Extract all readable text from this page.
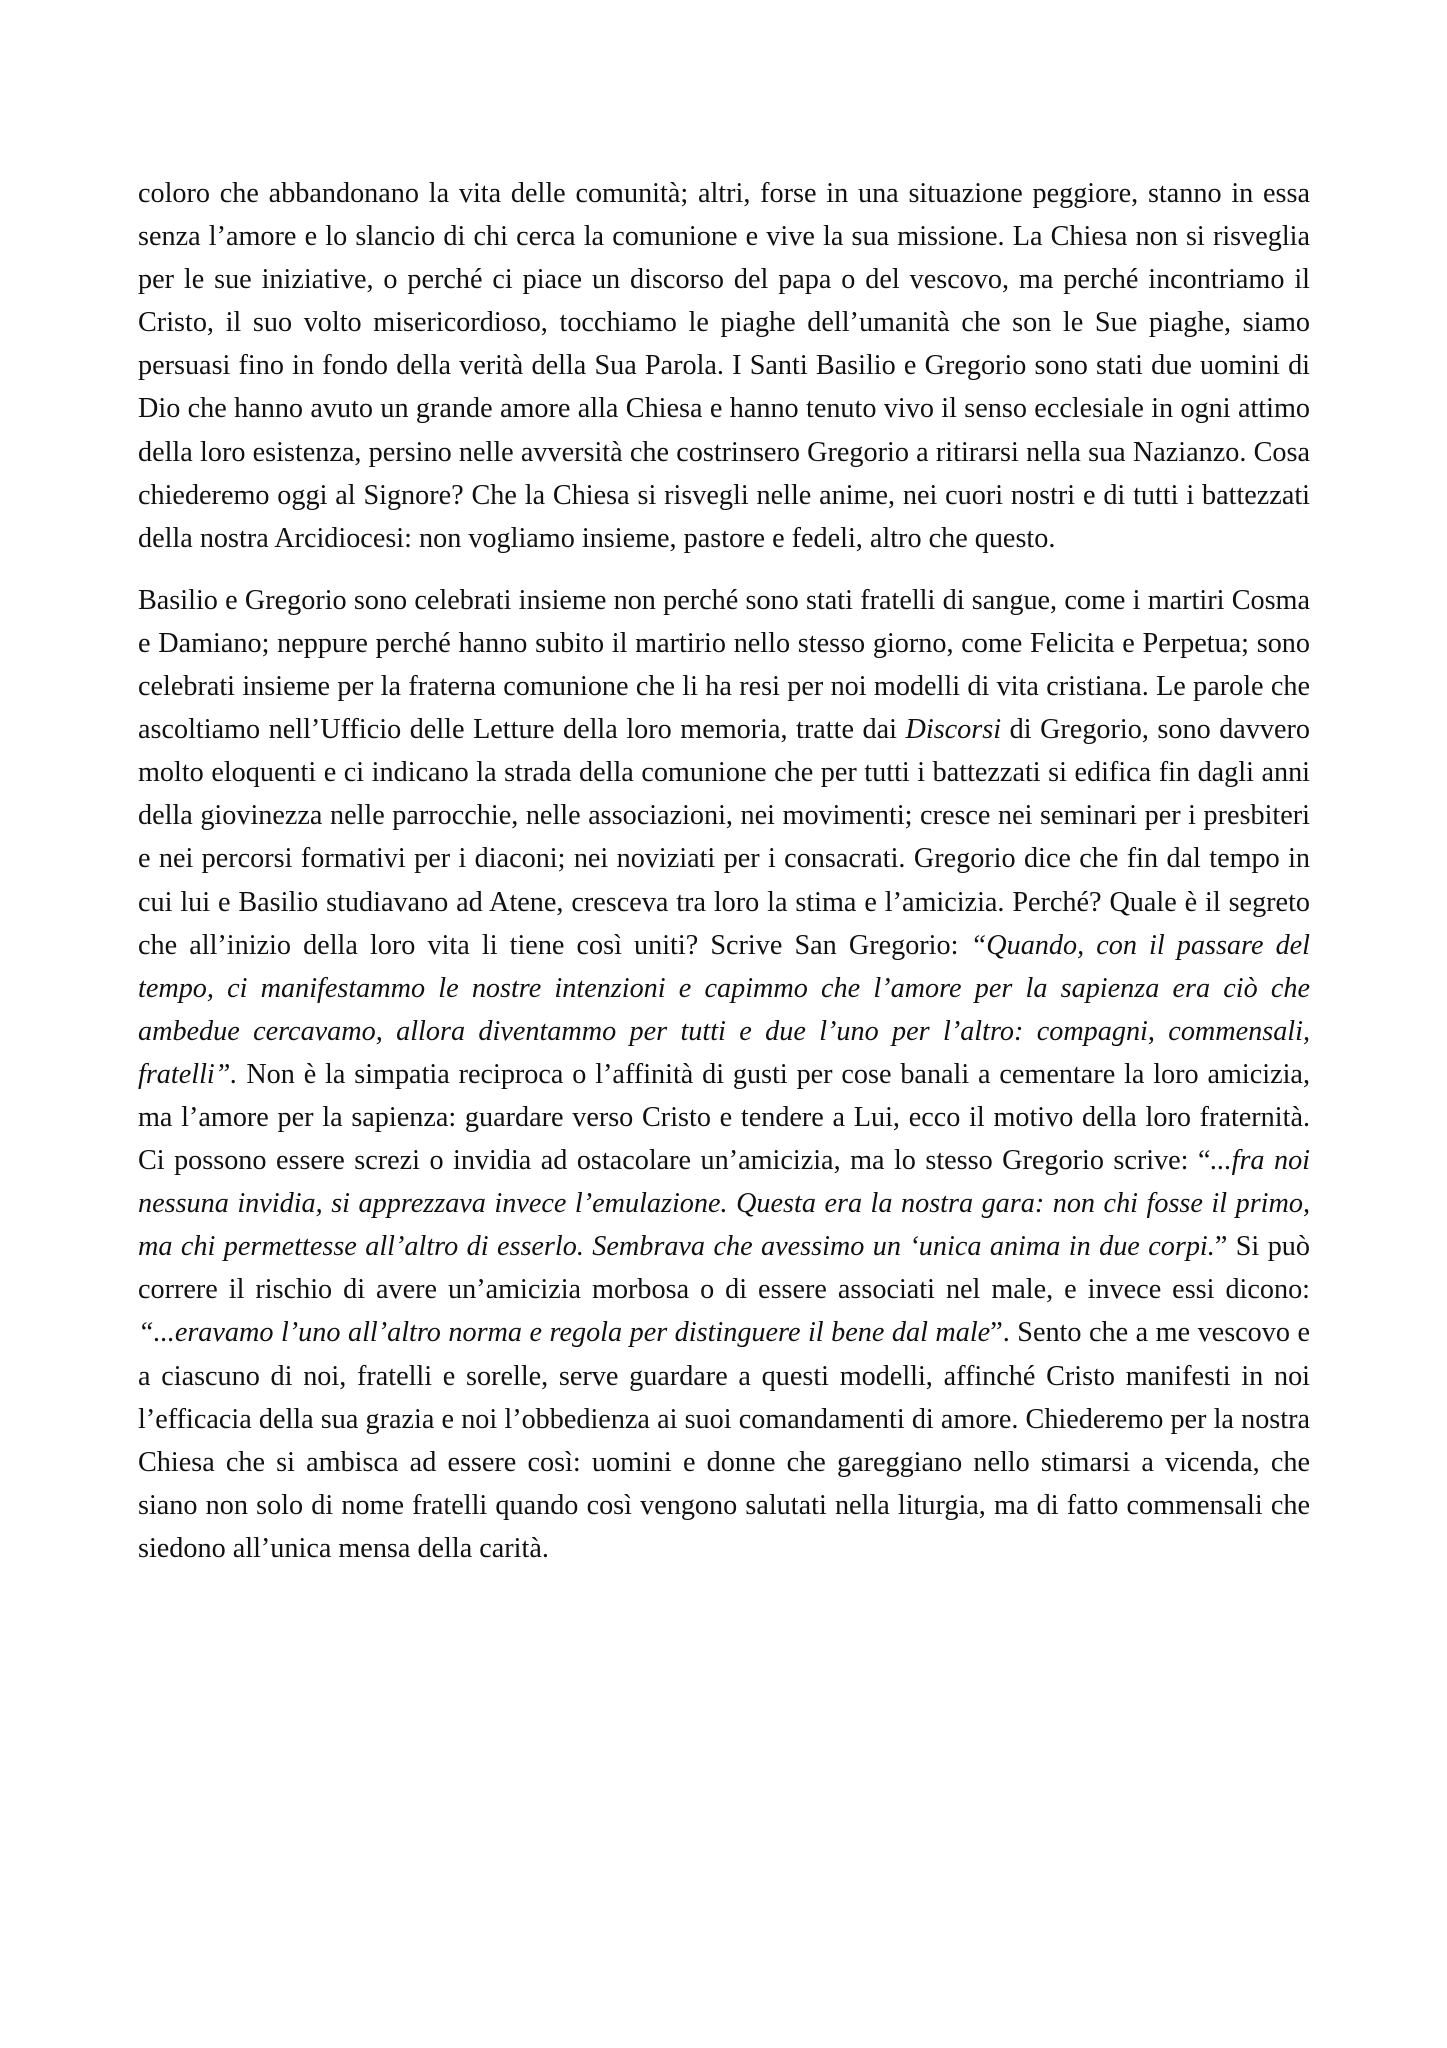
coloro che abbandonano la vita delle comunità; altri, forse in una situazione peggiore, stanno in essa senza l’amore e lo slancio di chi cerca la comunione e vive la sua missione. La Chiesa non si risveglia per le sue iniziative, o perché ci piace un discorso del papa o del vescovo, ma perché incontriamo il Cristo, il suo volto misericordioso, tocchiamo le piaghe dell’umanità che son le Sue piaghe, siamo persuasi fino in fondo della verità della Sua Parola. I Santi Basilio e Gregorio sono stati due uomini di Dio che hanno avuto un grande amore alla Chiesa e hanno tenuto vivo il senso ecclesiale in ogni attimo della loro esistenza, persino nelle avversità che costrinsero Gregorio a ritirarsi nella sua Nazianzo. Cosa chiederemo oggi al Signore? Che la Chiesa si risvegli nelle anime, nei cuori nostri e di tutti i battezzati della nostra Arcidiocesi: non vogliamo insieme, pastore e fedeli, altro che questo.

Basilio e Gregorio sono celebrati insieme non perché sono stati fratelli di sangue, come i martiri Cosma e Damiano; neppure perché hanno subito il martirio nello stesso giorno, come Felicita e Perpetua; sono celebrati insieme per la fraterna comunione che li ha resi per noi modelli di vita cristiana. Le parole che ascoltiamo nell’Ufficio delle Letture della loro memoria, tratte dai Discorsi di Gregorio, sono davvero molto eloquenti e ci indicano la strada della comunione che per tutti i battezzati si edifica fin dagli anni della giovinezza nelle parrocchie, nelle associazioni, nei movimenti; cresce nei seminari per i presbiteri e nei percorsi formativi per i diaconi; nei noviziati per i consacrati. Gregorio dice che fin dal tempo in cui lui e Basilio studiavano ad Atene, cresceva tra loro la stima e l’amicizia. Perché? Quale è il segreto che all’inizio della loro vita li tiene così uniti? Scrive San Gregorio: “Quando, con il passare del tempo, ci manifestammo le nostre intenzioni e capimmo che l’amore per la sapienza era ciò che ambedue cercavamo, allora diventammo per tutti e due l’uno per l’altro: compagni, commensali, fratelli”. Non è la simpatia reciproca o l’affinità di gusti per cose banali a cementare la loro amicizia, ma l’amore per la sapienza: guardare verso Cristo e tendere a Lui, ecco il motivo della loro fraternità. Ci possono essere screzi o invidia ad ostacolare un’amicizia, ma lo stesso Gregorio scrive: “...fra noi nessuna invidia, si apprezzava invece l’emulazione. Questa era la nostra gara: non chi fosse il primo, ma chi permettesse all’altro di esserlo. Sembrava che avessimo un ‘unica anima in due corpi.” Si può correre il rischio di avere un’amicizia morbosa o di essere associati nel male, e invece essi dicono: “...eravamo l’uno all’altro norma e regola per distinguere il bene dal male”. Sento che a me vescovo e a ciascuno di noi, fratelli e sorelle, serve guardare a questi modelli, affinché Cristo manifesti in noi l’efficacia della sua grazia e noi l’obbedienza ai suoi comandamenti di amore. Chiederemo per la nostra Chiesa che si ambisca ad essere così: uomini e donne che gareggiano nello stimarsi a vicenda, che siano non solo di nome fratelli quando così vengono salutati nella liturgia, ma di fatto commensali che siedono all’unica mensa della carità.
